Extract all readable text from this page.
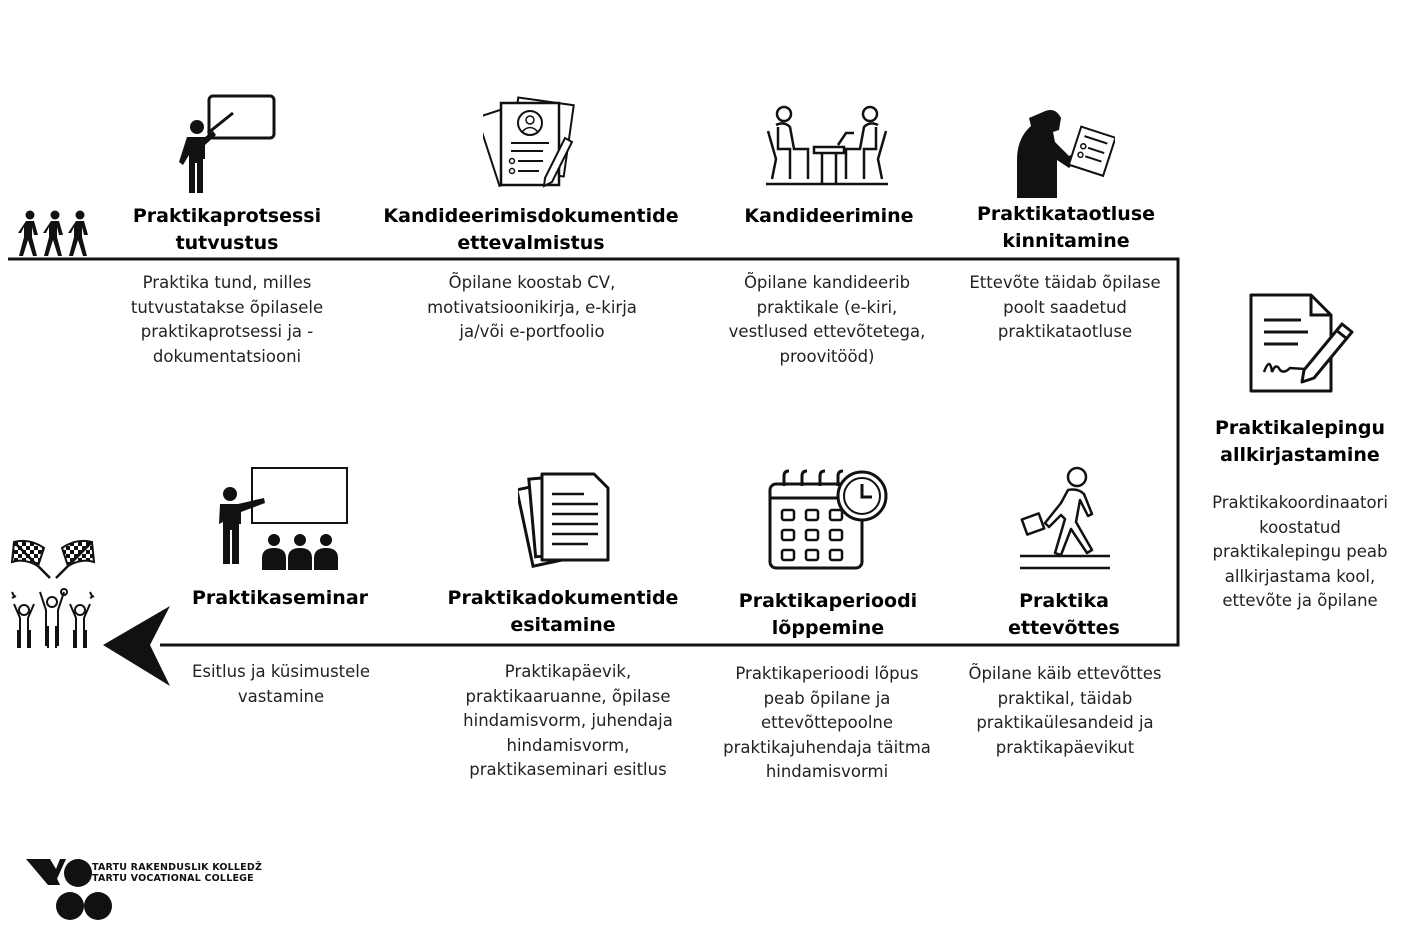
Praktikaprotsessi tutvustus
Praktika tund, milles tutvustatakse õpilasele praktikaprotsessi ja -dokumentatsiooni
Kandideerimisdokumentide ettevalmistus
Õpilane koostab CV, motivatsioonikirja, e-kirja ja/või e-portfoolio
Kandideerimine
Õpilane kandideerib praktikale (e-kiri, vestlused ettevõtetega, proovitööd)
Praktikataotluse kinnitamine
Ettevõte täidab õpilase poolt saadetud praktikataotluse
Praktikalepingu allkirjastamine
Praktikakoordinaatori koostatud praktikalepingu peab allkirjastama kool, ettevõte ja õpilane
Praktikaseminar
Esitlus ja küsimustele vastamine
Praktikadokumentide esitamine
Praktikapäevik, praktikaaruanne, õpilase hindamisvorm, juhendaja hindamisvorm, praktikaseminari esitlus
Praktikaperioodi lõppemine
Praktikaperioodi lõpus peab õpilane ja ettevõttepoolne praktikajuhendaja täitma hindamisvormi
Praktika ettevõttes
Õpilane käib ettevõttes praktikal, täidab praktikaülesandeid ja praktikapäevikut
TARTU RAKENDUSLIK KOLLEDŽ
TARTU VOCATIONAL COLLEGE
